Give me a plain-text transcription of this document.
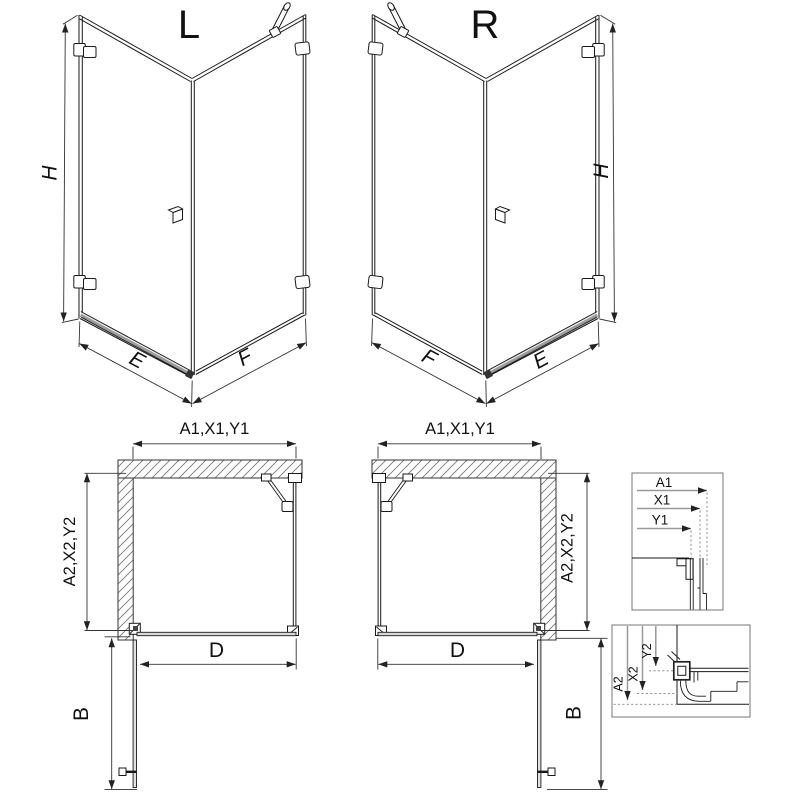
L
H
E	F
R
H
F	E
A1,X1,Y1
A2,X2,Y2
D
B
A1,X1,Y1
A2,X2,Y2
D
B
A1
X1
Y1
A2
X2
Y2
